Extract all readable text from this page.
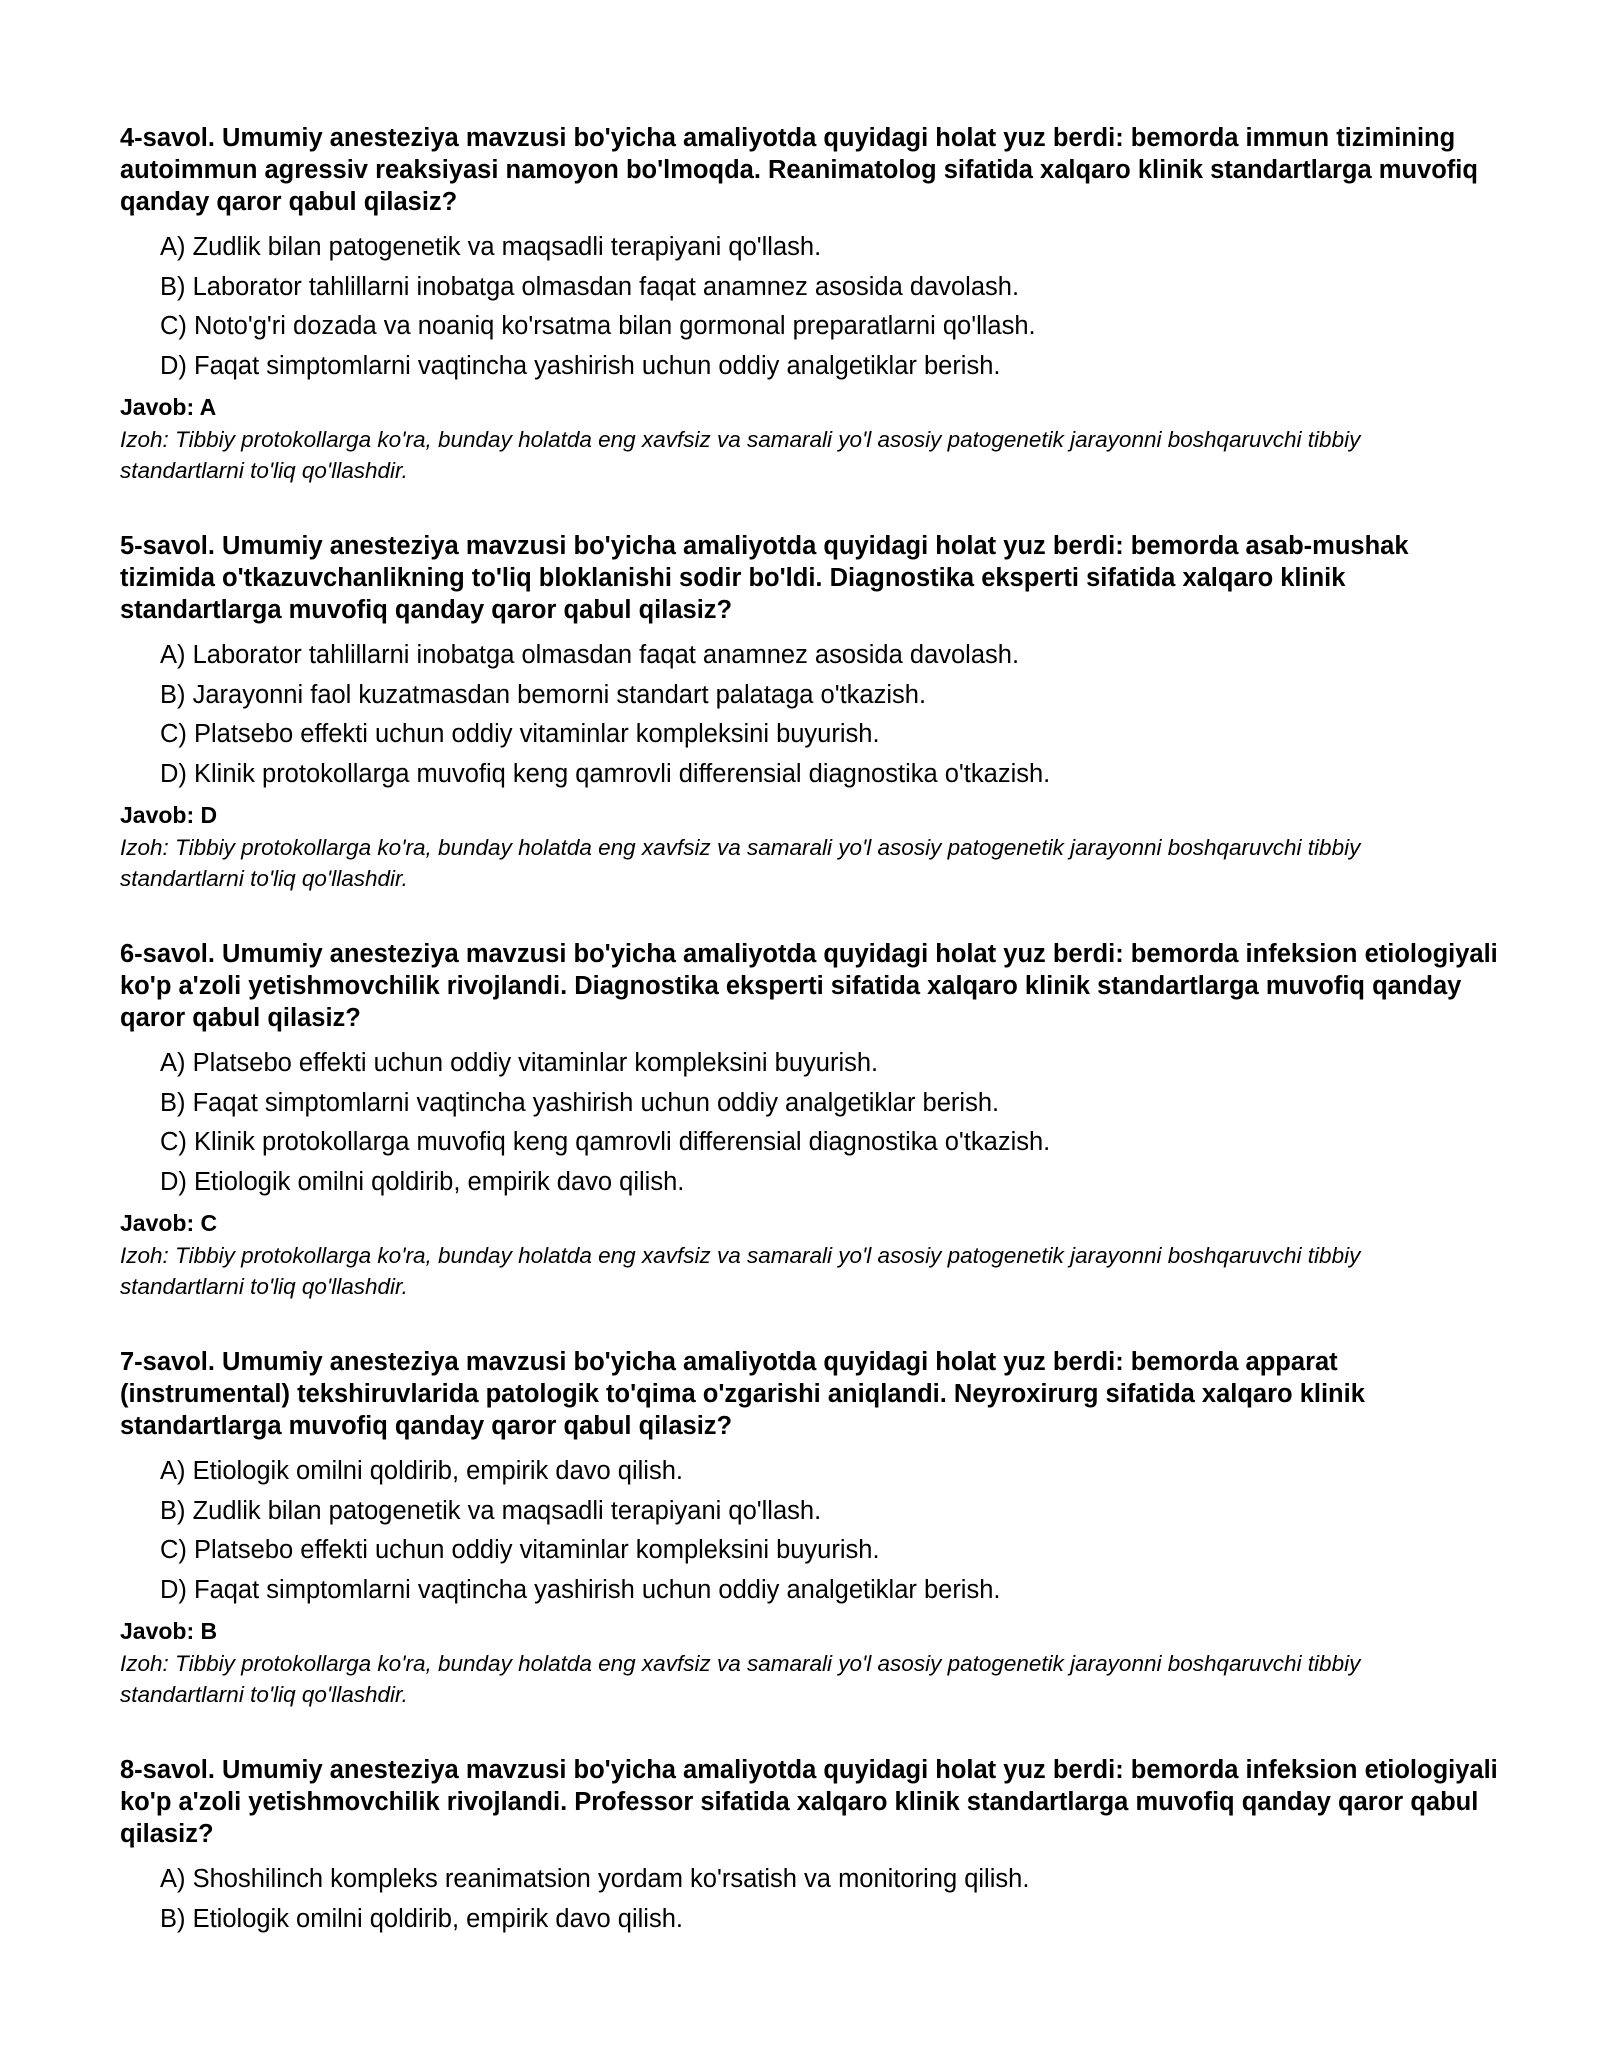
4-savol. Umumiy anesteziya mavzusi bo'yicha amaliyotda quyidagi holat yuz berdi: bemorda immun tizimining autoimmun agressiv reaksiyasi namoyon bo'lmoqda. Reanimatolog sifatida xalqaro klinik standartlarga muvofiq qanday qaror qabul qilasiz?

A) Zudlik bilan patogenetik va maqsadli terapiyani qo'llash.
B) Laborator tahlillarni inobatga olmasdan faqat anamnez asosida davolash.
C) Noto'g'ri dozada va noaniq ko'rsatma bilan gormonal preparatlarni qo'llash.
D) Faqat simptomlarni vaqtincha yashirish uchun oddiy analgetiklar berish.

Javob: A

Izoh: Tibbiy protokollarga ko'ra, bunday holatda eng xavfsiz va samarali yo'l asosiy patogenetik jarayonni boshqaruvchi tibbiy standartlarni to'liq qo'llashdir.

5-savol. Umumiy anesteziya mavzusi bo'yicha amaliyotda quyidagi holat yuz berdi: bemorda asab-mushak tizimida o'tkazuvchanlikning to'liq bloklanishi sodir bo'ldi. Diagnostika eksperti sifatida xalqaro klinik standartlarga muvofiq qanday qaror qabul qilasiz?

A) Laborator tahlillarni inobatga olmasdan faqat anamnez asosida davolash.
B) Jarayonni faol kuzatmasdan bemorni standart palataga o'tkazish.
C) Platsebo effekti uchun oddiy vitaminlar kompleksini buyurish.
D) Klinik protokollarga muvofiq keng qamrovli differensial diagnostika o'tkazish.

Javob: D

Izoh: Tibbiy protokollarga ko'ra, bunday holatda eng xavfsiz va samarali yo'l asosiy patogenetik jarayonni boshqaruvchi tibbiy standartlarni to'liq qo'llashdir.

6-savol. Umumiy anesteziya mavzusi bo'yicha amaliyotda quyidagi holat yuz berdi: bemorda infeksion etiologiyali ko'p a'zoli yetishmovchilik rivojlandi. Diagnostika eksperti sifatida xalqaro klinik standartlarga muvofiq qanday qaror qabul qilasiz?

A) Platsebo effekti uchun oddiy vitaminlar kompleksini buyurish.
B) Faqat simptomlarni vaqtincha yashirish uchun oddiy analgetiklar berish.
C) Klinik protokollarga muvofiq keng qamrovli differensial diagnostika o'tkazish.
D) Etiologik omilni qoldirib, empirik davo qilish.

Javob: C

Izoh: Tibbiy protokollarga ko'ra, bunday holatda eng xavfsiz va samarali yo'l asosiy patogenetik jarayonni boshqaruvchi tibbiy standartlarni to'liq qo'llashdir.

7-savol. Umumiy anesteziya mavzusi bo'yicha amaliyotda quyidagi holat yuz berdi: bemorda apparat (instrumental) tekshiruvlarida patologik to'qima o'zgarishi aniqlandi. Neyroxirurg sifatida xalqaro klinik standartlarga muvofiq qanday qaror qabul qilasiz?

A) Etiologik omilni qoldirib, empirik davo qilish.
B) Zudlik bilan patogenetik va maqsadli terapiyani qo'llash.
C) Platsebo effekti uchun oddiy vitaminlar kompleksini buyurish.
D) Faqat simptomlarni vaqtincha yashirish uchun oddiy analgetiklar berish.

Javob: B

Izoh: Tibbiy protokollarga ko'ra, bunday holatda eng xavfsiz va samarali yo'l asosiy patogenetik jarayonni boshqaruvchi tibbiy standartlarni to'liq qo'llashdir.

8-savol. Umumiy anesteziya mavzusi bo'yicha amaliyotda quyidagi holat yuz berdi: bemorda infeksion etiologiyali ko'p a'zoli yetishmovchilik rivojlandi. Professor sifatida xalqaro klinik standartlarga muvofiq qanday qaror qabul qilasiz?

A) Shoshilinch kompleks reanimatsion yordam ko'rsatish va monitoring qilish.
B) Etiologik omilni qoldirib, empirik davo qilish.
